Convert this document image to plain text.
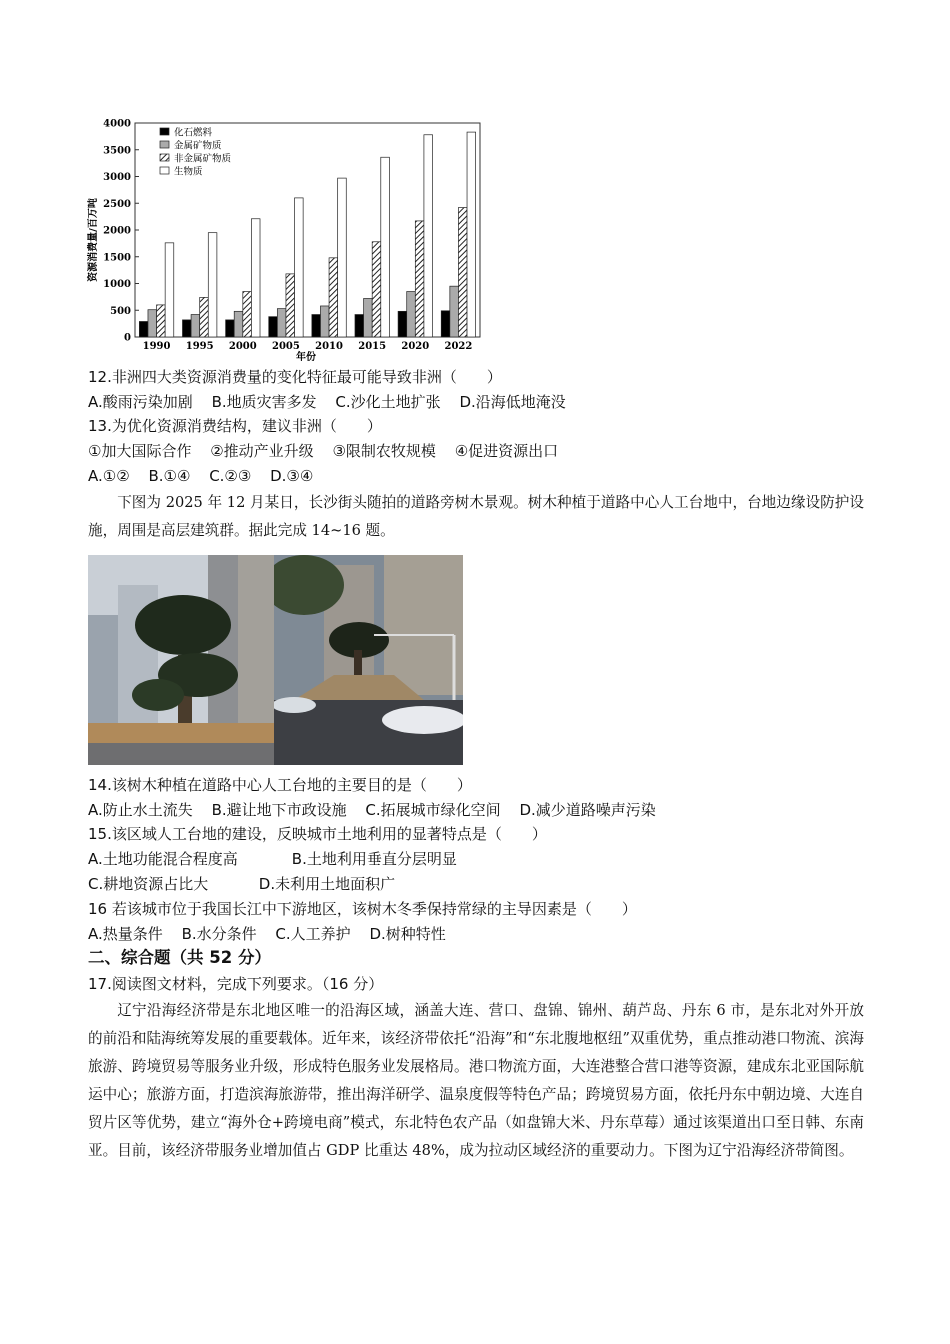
0
500
1000
1500
2000
2500
3000
3500
4000
1990 1995 2000 2005 2010 2015 2020 2022
化石燃料
金属矿物质
非金属矿物质
生物质
资源消费量/百万吨
年份
12.非洲四大类资源消费量的变化特征最可能导致非洲（　　）
A.酸雨污染加剧 B.地质灾害多发 C.沙化土地扩张 D.沿海低地淹没
13.为优化资源消费结构，建议非洲（　　）
①加大国际合作 ②推动产业升级 ③限制农牧规模 ④促进资源出口
A.①② B.①④ C.②③ D.③④
下图为 2025 年 12 月某日，长沙街头随拍的道路旁树木景观。树木种植于道路中心人工台地中，台地边缘设防护设施，周围是高层建筑群。据此完成 14~16 题。
14.该树木种植在道路中心人工台地的主要目的是（　　）
A.防止水土流失 B.避让地下市政设施 C.拓展城市绿化空间 D.减少道路噪声污染
15.该区域人工台地的建设，反映城市土地利用的显著特点是（　　）
A.土地功能混合程度高	B.土地利用垂直分层明显
C.耕地资源占比大	D.未利用土地面积广
16 若该城市位于我国长江中下游地区，该树木冬季保持常绿的主导因素是（　　）
A.热量条件 B.水分条件 C.人工养护 D.树种特性
二、综合题（共 52 分）
17.阅读图文材料，完成下列要求。（16 分）
辽宁沿海经济带是东北地区唯一的沿海区域，涵盖大连、营口、盘锦、锦州、葫芦岛、丹东 6 市，是东北对外开放的前沿和陆海统筹发展的重要载体。近年来，该经济带依托“沿海”和“东北腹地枢纽”双重优势，重点推动港口物流、滨海旅游、跨境贸易等服务业升级，形成特色服务业发展格局。港口物流方面，大连港整合营口港等资源，建成东北亚国际航运中心；旅游方面，打造滨海旅游带，推出海洋研学、温泉度假等特色产品；跨境贸易方面，依托丹东中朝边境、大连自贸片区等优势，建立“海外仓+跨境电商”模式，东北特色农产品（如盘锦大米、丹东草莓）通过该渠道出口至日韩、东南亚。目前，该经济带服务业增加值占 GDP 比重达 48%，成为拉动区域经济的重要动力。下图为辽宁沿海经济带简图。
